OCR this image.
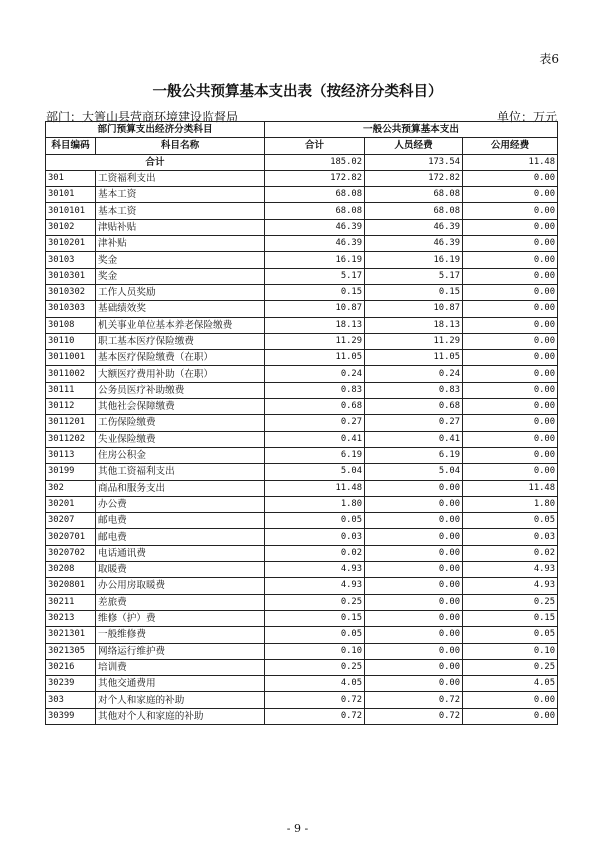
表6
一般公共预算基本支出表（按经济分类科目）
部门：大箐山县营商环境建设监督局	单位：万元
部门预算支出经济分类科目		一般公共预算基本支出		
科目编码	科目名称	合计	人员经费	公用经费
合计		185.02	173.54	11.48
301	工资福利支出	172.82	172.82	0.00
30101	基本工资	68.08	68.08	0.00
3010101	基本工资	68.08	68.08	0.00
30102	津贴补贴	46.39	46.39	0.00
3010201	津补贴	46.39	46.39	0.00
30103	奖金	16.19	16.19	0.00
3010301	奖金	5.17	5.17	0.00
3010302	工作人员奖励	0.15	0.15	0.00
3010303	基础绩效奖	10.87	10.87	0.00
30108	机关事业单位基本养老保险缴费	18.13	18.13	0.00
30110	职工基本医疗保险缴费	11.29	11.29	0.00
3011001	基本医疗保险缴费（在职）	11.05	11.05	0.00
3011002	大额医疗费用补助（在职）	0.24	0.24	0.00
30111	公务员医疗补助缴费	0.83	0.83	0.00
30112	其他社会保障缴费	0.68	0.68	0.00
3011201	工伤保险缴费	0.27	0.27	0.00
3011202	失业保险缴费	0.41	0.41	0.00
30113	住房公积金	6.19	6.19	0.00
30199	其他工资福利支出	5.04	5.04	0.00
302	商品和服务支出	11.48	0.00	11.48
30201	办公费	1.80	0.00	1.80
30207	邮电费	0.05	0.00	0.05
3020701	邮电费	0.03	0.00	0.03
3020702	电话通讯费	0.02	0.00	0.02
30208	取暖费	4.93	0.00	4.93
3020801	办公用房取暖费	4.93	0.00	4.93
30211	差旅费	0.25	0.00	0.25
30213	维修（护）费	0.15	0.00	0.15
3021301	一般维修费	0.05	0.00	0.05
3021305	网络运行维护费	0.10	0.00	0.10
30216	培训费	0.25	0.00	0.25
30239	其他交通费用	4.05	0.00	4.05
303	对个人和家庭的补助	0.72	0.72	0.00
30399	其他对个人和家庭的补助	0.72	0.72	0.00
- 9 -
